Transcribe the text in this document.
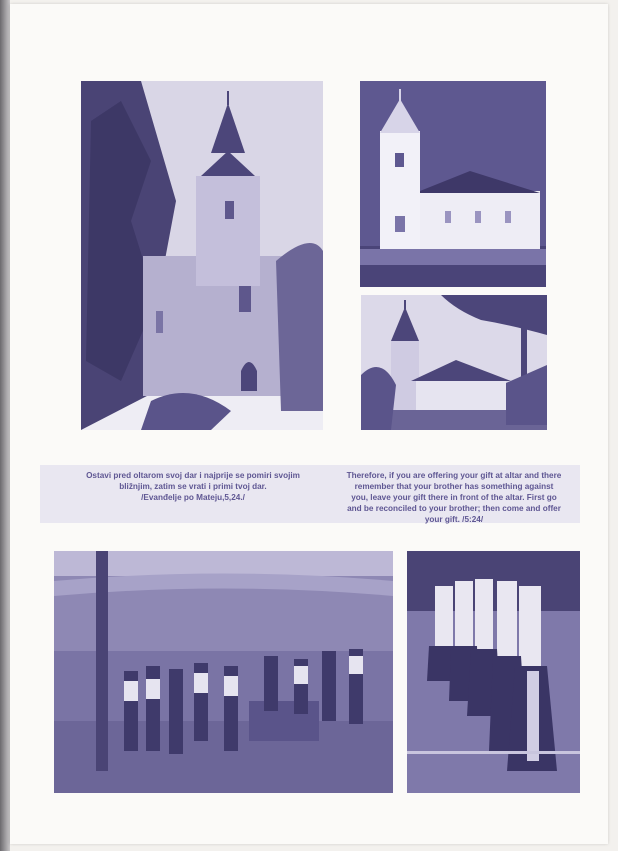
Ostavi pred oltarom svoj dar i najprije se pomiri svojim
bližnjim, zatim se vrati i primi tvoj dar.
/Evanđelje po Mateju,5,24./
Therefore, if you are offering your gift at altar and there
remember that your brother has something against
you, leave your gift there in front of the altar. First go
and be reconciled to your brother; then come and offer
your gift. /5:24/
